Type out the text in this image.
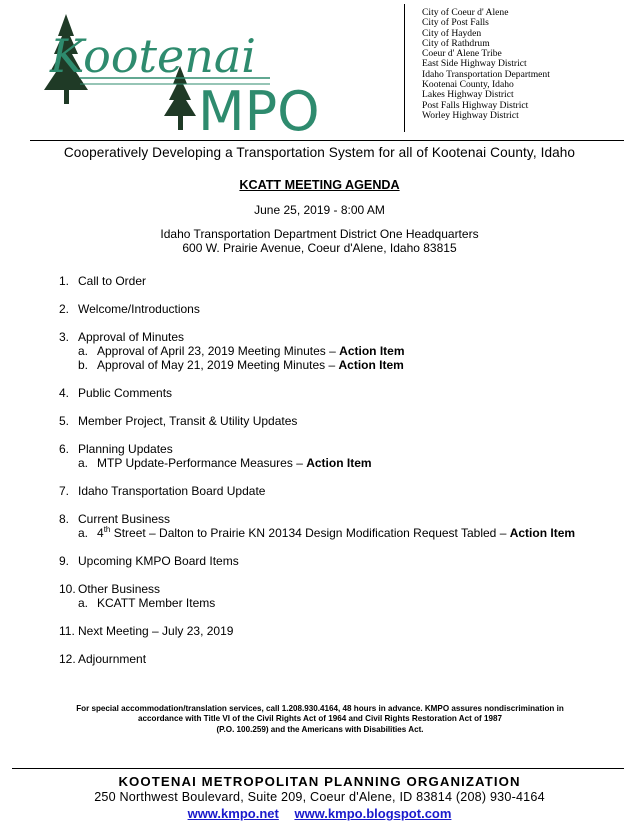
Kootenai
MPO
City of Coeur d' Alene
City of Post Falls
City of Hayden
City of Rathdrum
Coeur d' Alene Tribe
East Side Highway District
Idaho Transportation Department
Kootenai County, Idaho
Lakes Highway District
Post Falls Highway District
Worley Highway District
Cooperatively Developing a Transportation System for all of Kootenai County, Idaho
KCATT MEETING AGENDA
June 25, 2019 - 8:00 AM
Idaho Transportation Department District One Headquarters
600 W. Prairie Avenue, Coeur d'Alene, Idaho 83815
1. Call to Order
2. Welcome/Introductions
3. Approval of Minutes
a. Approval of April 23, 2019 Meeting Minutes – Action Item
b. Approval of May 21, 2019 Meeting Minutes – Action Item
4. Public Comments
5. Member Project, Transit & Utility Updates
6. Planning Updates
a. MTP Update-Performance Measures – Action Item
7. Idaho Transportation Board Update
8. Current Business
a. 4th Street – Dalton to Prairie KN 20134 Design Modification Request Tabled – Action Item
9. Upcoming KMPO Board Items
10. Other Business
a. KCATT Member Items
11. Next Meeting – July 23, 2019
12. Adjournment
For special accommodation/translation services, call 1.208.930.4164, 48 hours in advance. KMPO assures nondiscrimination in
accordance with Title VI of the Civil Rights Act of 1964 and Civil Rights Restoration Act of 1987
(P.O. 100.259) and the Americans with Disabilities Act.
KOOTENAI METROPOLITAN PLANNING ORGANIZATION
250 Northwest Boulevard, Suite 209, Coeur d'Alene, ID 83814 (208) 930-4164
www.kmpo.net www.kmpo.blogspot.com
